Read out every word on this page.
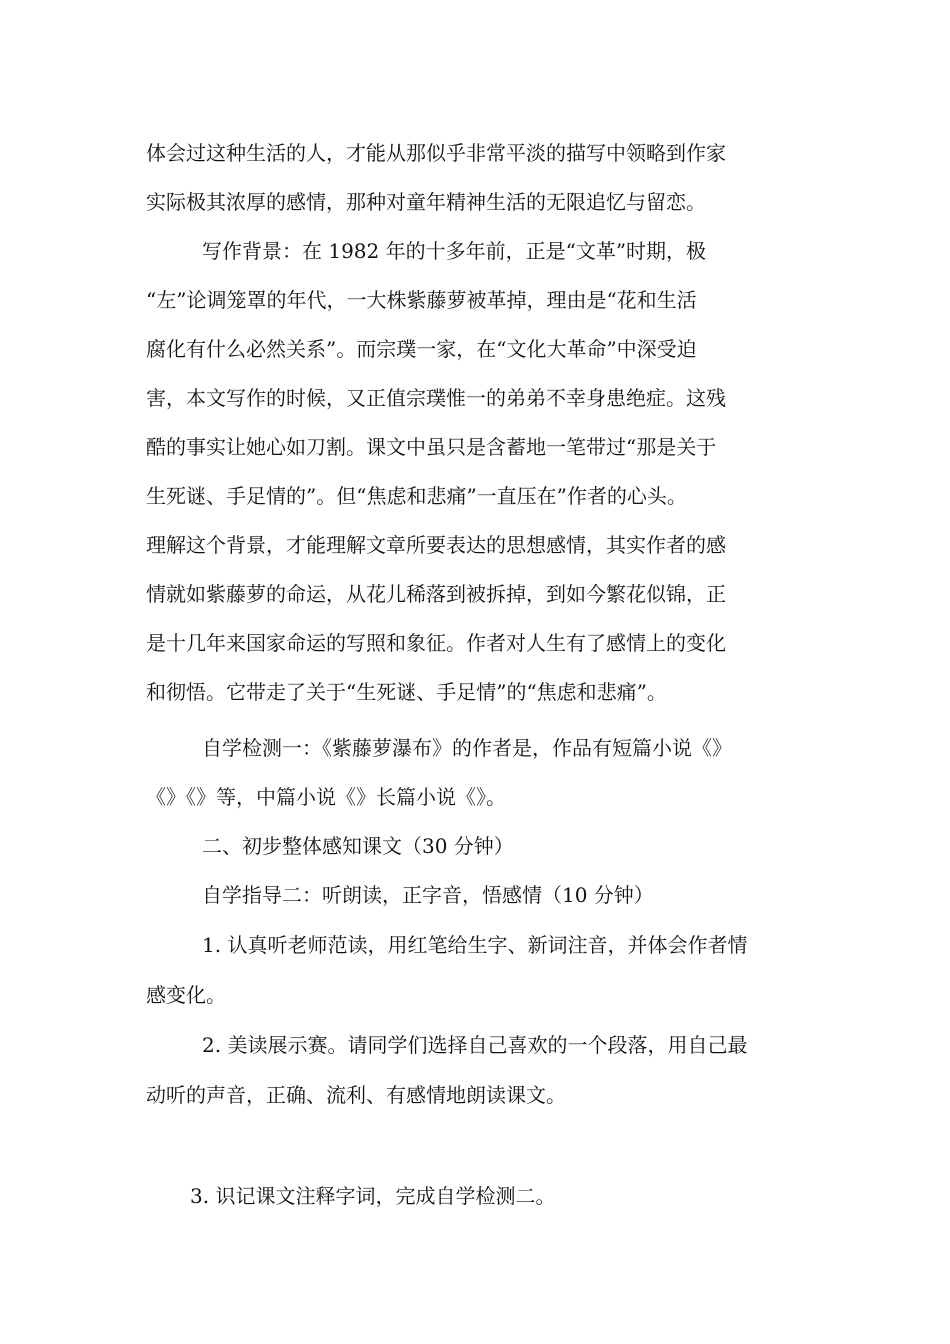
体会过这种生活的人，才能从那似乎非常平淡的描写中领略到作家
实际极其浓厚的感情，那种对童年精神生活的无限追忆与留恋。
写作背景：在 1982 年的十多年前，正是“文革”时期，极
“左”论调笼罩的年代，一大株紫藤萝被革掉，理由是“花和生活
腐化有什么必然关系”。而宗璞一家，在“文化大革命”中深受迫
害，本文写作的时候，又正值宗璞惟一的弟弟不幸身患绝症。这残
酷的事实让她心如刀割。课文中虽只是含蓄地一笔带过“那是关于
生死谜、手足情的”。但“焦虑和悲痛”一直压在”作者的心头。
理解这个背景，才能理解文章所要表达的思想感情，其实作者的感
情就如紫藤萝的命运，从花儿稀落到被拆掉，到如今繁花似锦，正
是十几年来国家命运的写照和象征。作者对人生有了感情上的变化
和彻悟。它带走了关于“生死谜、手足情”的“焦虑和悲痛”。
自学检测一：《紫藤萝瀑布》的作者是，作品有短篇小说《》
《》《》等，中篇小说《》长篇小说《》。
二、初步整体感知课文（30 分钟）
自学指导二：听朗读，正字音，悟感情（10 分钟）
1. 认真听老师范读，用红笔给生字、新词注音，并体会作者情
感变化。
2. 美读展示赛。请同学们选择自己喜欢的一个段落，用自己最
动听的声音，正确、流利、有感情地朗读课文。
3. 识记课文注释字词，完成自学检测二。
